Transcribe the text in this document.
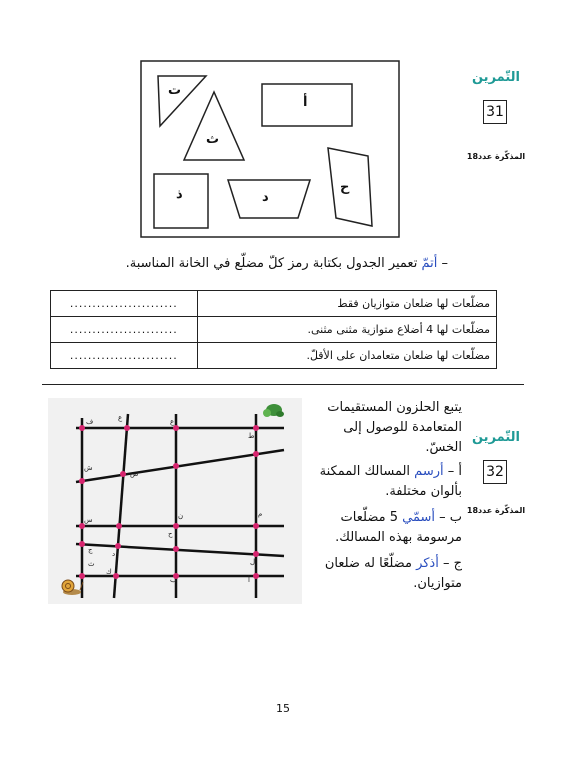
ت
ث
أ
ذ	د
ح
التّمرين
31
المذكّرة عدد18
– أتمّ تعمير الجدول بكتابة رمز كلّ مضلّع في الخانة المناسبة.
........................	مضلّعات لها ضلعان متوازيان فقط
........................	مضلّعات لها 4 أضلاع متوازية مثنى مثنى.
........................	مضلّعات لها ضلعان متعامدان على الأقلّ.
ف	ع	ع
ط
ش
ص
س	ن	م
ح
ج	د
ب
ك
ث
أ
ل
التّمرين
32
المذكّرة عدد18
يتبع الحلزون المستقيمات
المتعامدة للوصول إلى
الخسّ.
أ – أرسم المسالك الممكنة
بألوان مختلفة.
ب – أسمّي 5 مضلّعات
مرسومة بهذه المسالك.
ج – أذكر مضلّعًا له ضلعان
متوازيان.
15
